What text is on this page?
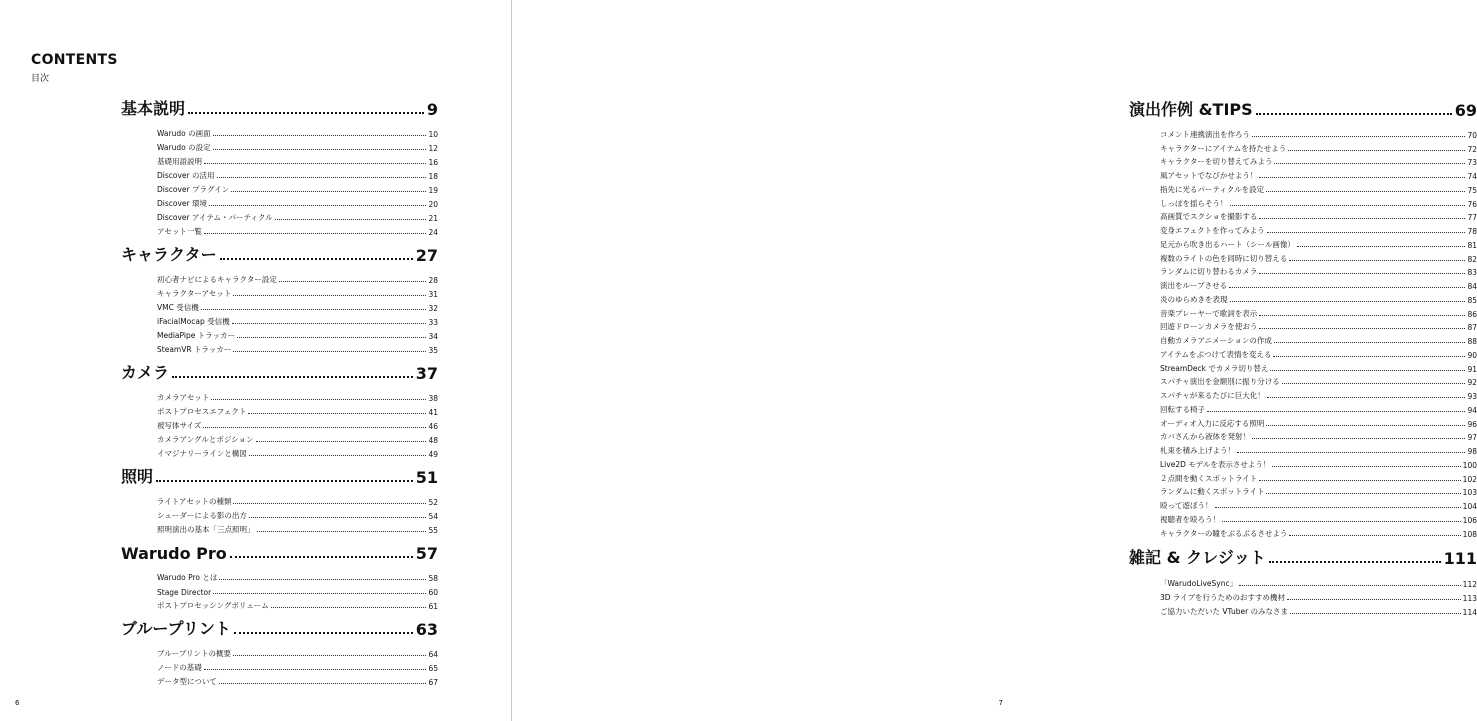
CONTENTS
目次
基本説明	9
Warudo の画面	10
Warudo の設定	12
基礎用語説明	16
Discover の活用	18
Discover プラグイン	19
Discover 環境	20
Discover アイテム・パーティクル	21
アセット一覧	24
キャラクター	27
初心者ナビによるキャラクター設定	28
キャラクターアセット	31
VMC 受信機	32
iFacialMocap 受信機	33
MediaPipe トラッカー	34
SteamVR トラッカー	35
カメラ	37
カメラアセット	38
ポストプロセスエフェクト	41
被写体サイズ	46
カメラアングルとポジション	48
イマジナリーラインと構図	49
照明	51
ライトアセットの種類	52
シェーダーによる影の出方	54
照明演出の基本「三点照明」	55
Warudo Pro	57
Warudo Pro とは	58
Stage Director	60
ポストプロセッシングボリューム	61
ブループリント	63
ブループリントの概要	64
ノードの基礎	65
データ型について	67
6
演出作例 &TIPS	69
コメント連携演出を作ろう	70
キャラクターにアイテムを持たせよう	72
キャラクターを切り替えてみよう	73
風アセットでなびかせよう！	74
指先に光るパーティクルを設定	75
しっぽを揺らそう！	76
高画質でスクショを撮影する	77
変身エフェクトを作ってみよう	78
足元から吹き出るハート（シール画像）	81
複数のライトの色を同時に切り替える	82
ランダムに切り替わるカメラ	83
演出をループさせる	84
炎のゆらめきを表現	85
音楽プレーヤーで歌詞を表示	86
回遊ドローンカメラを使おう	87
自動カメラアニメーションの作成	88
アイテムをぶつけて表情を変える	90
StreamDeck でカメラ切り替え	91
スパチャ演出を金額別に振り分ける	92
スパチャが来るたびに巨大化！	93
回転する椅子	94
オーディオ入力に反応する照明	96
カバさんから液体を発射！	97
札束を積み上げよう！	98
Live2D モデルを表示させよう！	100
２点間を動くスポットライト	102
ランダムに動くスポットライト	103
殴って遊ぼう！	104
視聴者を殴ろう！	106
キャラクターの瞳をぶるぶるさせよう	108
雑記 & クレジット	111
「WarudoLiveSync」	112
3D ライブを行うためのおすすめ機材	113
ご協力いただいた VTuber のみなさま	114
7
